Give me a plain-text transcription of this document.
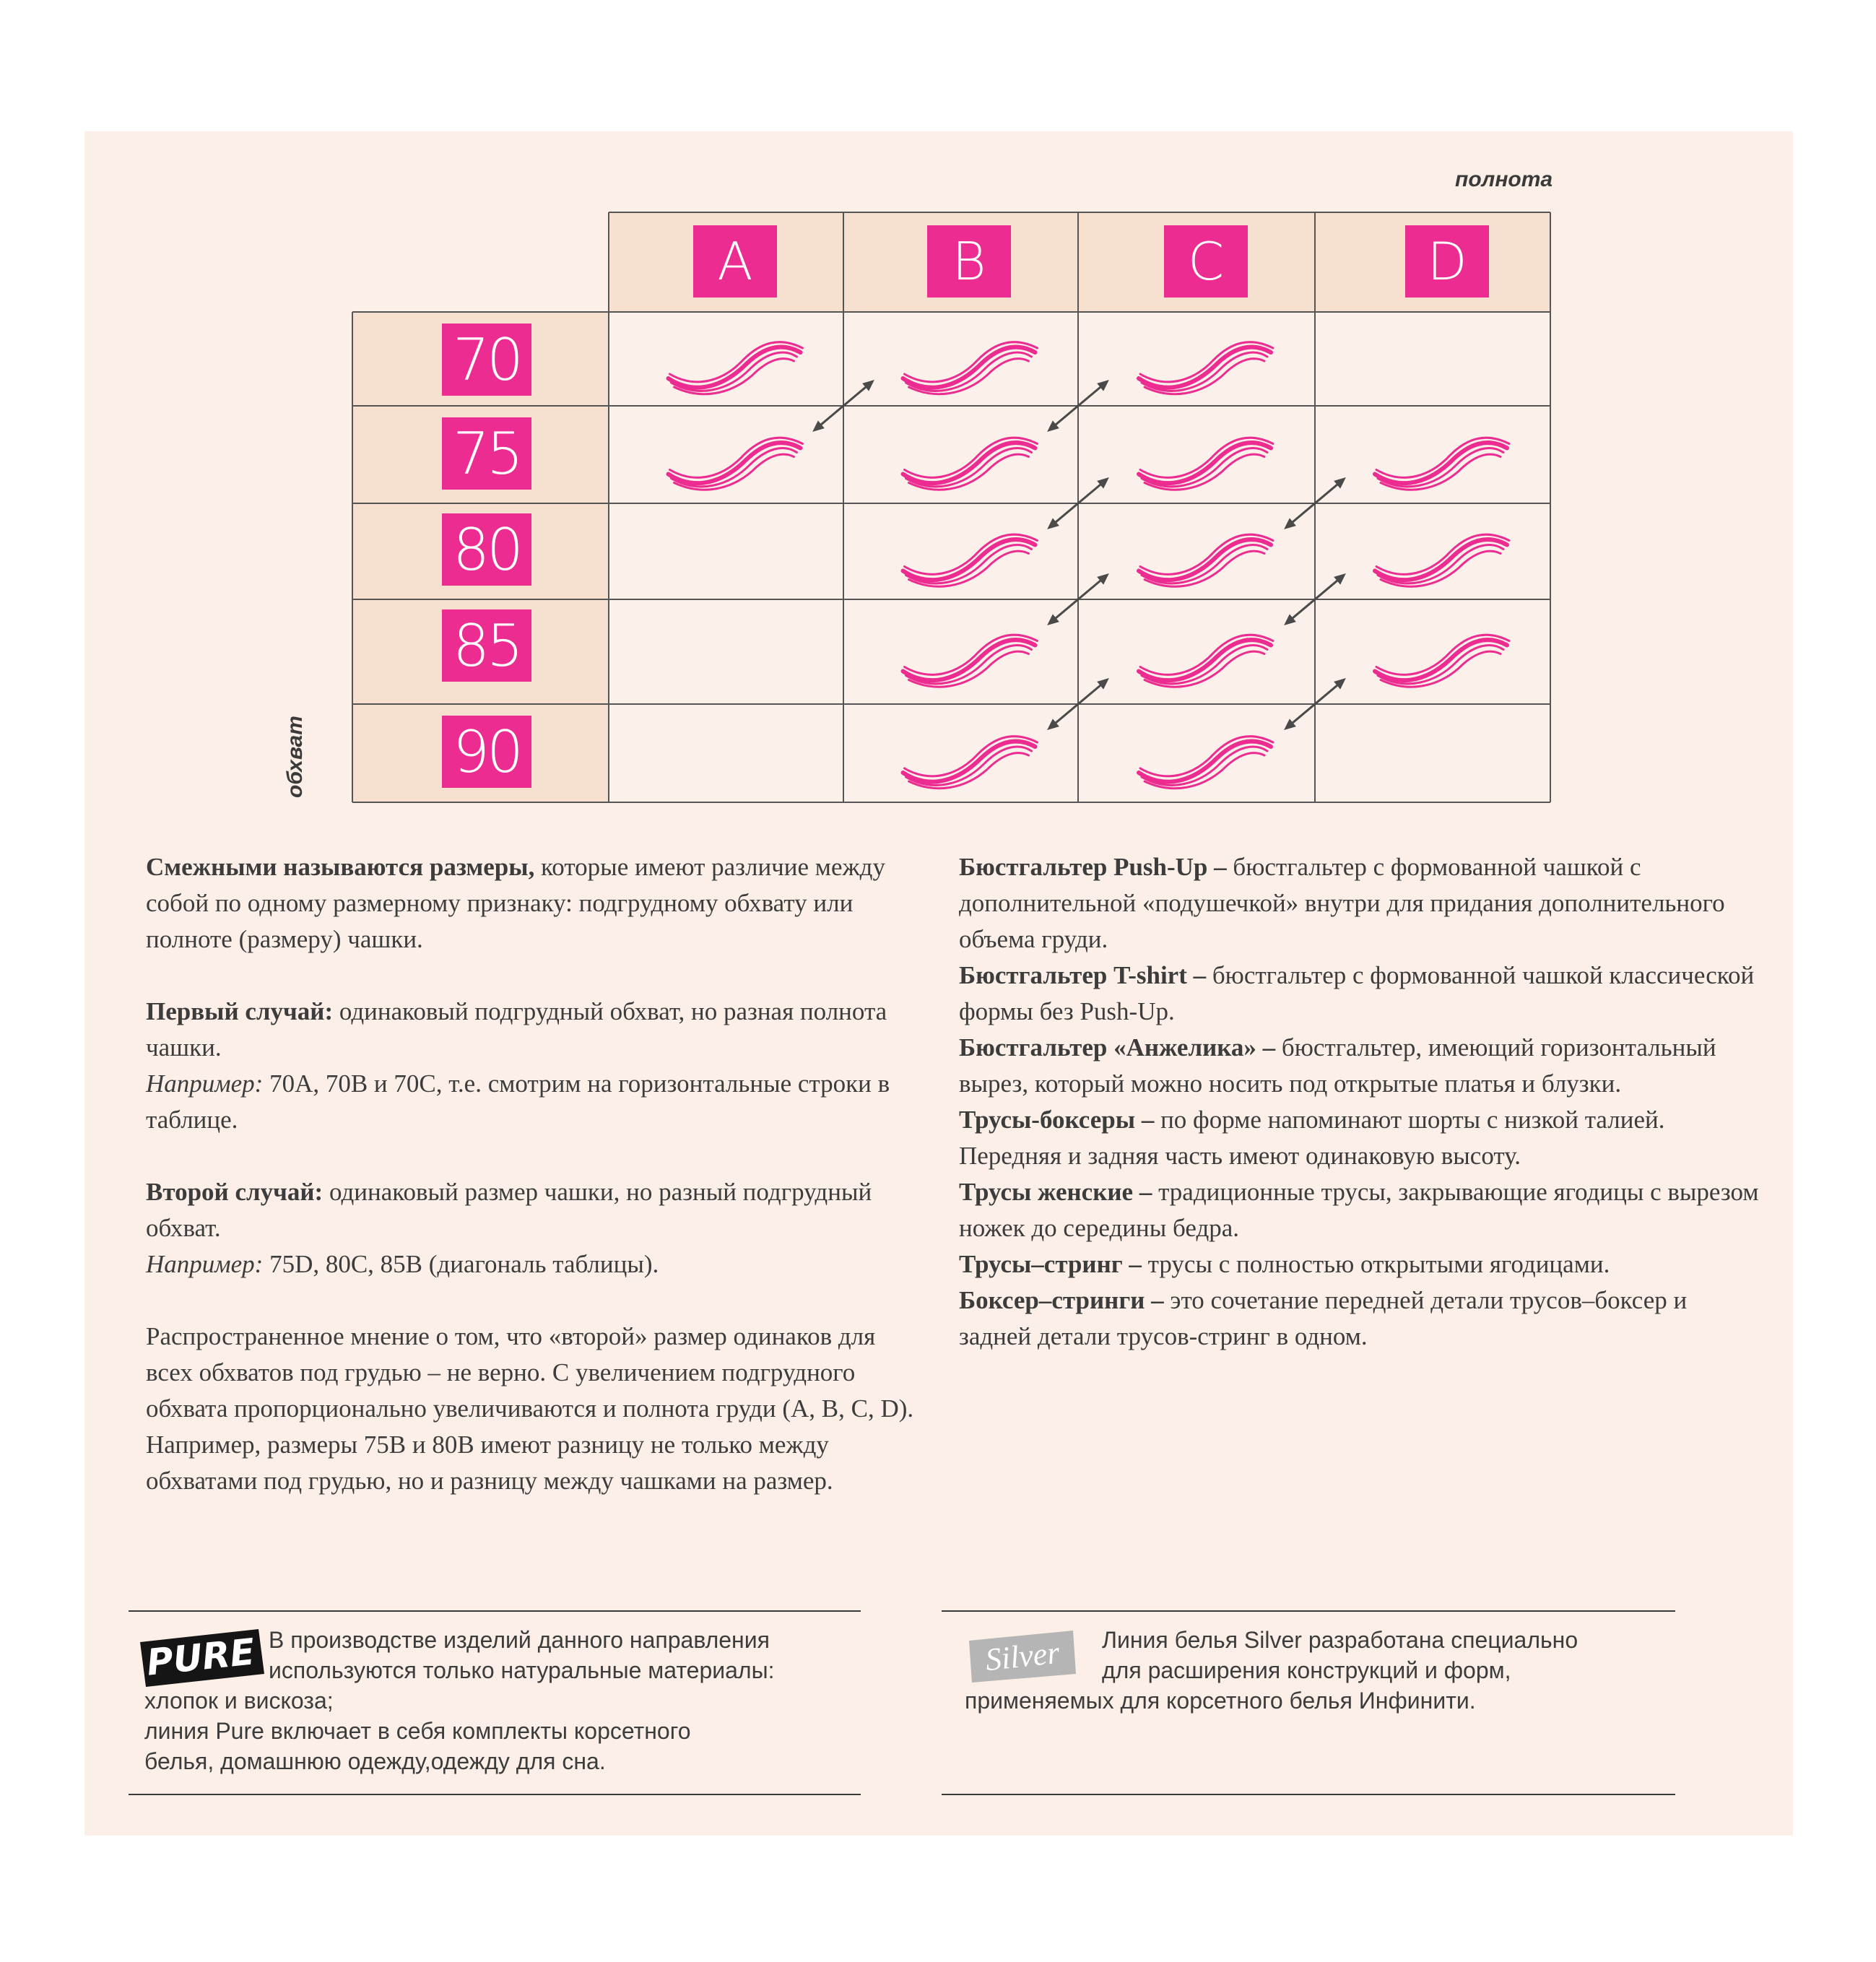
полнота
обхват
A	B	C	D
70
75
80
85
90

Смежными называются размеры, которые имеют различие между собой по одному размерному признаку: подгрудному обхвату или полноте (размеру) чашки.

Первый случай: одинаковый подгрудный обхват, но разная полнота чашки.
Например: 70А, 70В и 70С, т.е. смотрим на горизонтальные строки в таблице.

Второй случай: одинаковый размер чашки, но разный подгрудный обхват.
Например: 75D, 80С, 85В (диагональ таблицы).

Распространенное мнение о том, что «второй» размер одинаков для всех обхватов под грудью – не верно. С увеличением подгрудного обхвата пропорционально увеличиваются и полнота груди (А, В, С, D). Например, размеры 75В и 80В имеют разницу не только между обхватами под грудью, но и разницу между чашками на размер.

Бюстгальтер Push-Up – бюстгальтер с формованной чашкой с дополнительной «подушечкой» внутри для придания дополнительного объема груди.

Бюстгальтер T-shirt – бюстгальтер с формованной чашкой классической формы без Push-Up.

Бюстгальтер «Анжелика» – бюстгальтер, имеющий горизонтальный вырез, который можно носить под открытые платья и блузки.

Трусы-боксеры – по форме напоминают шорты с низкой талией. Передняя и задняя часть имеют одинаковую высоту.

Трусы женские – традиционные трусы, закрывающие ягодицы с вырезом ножек до середины бедра.

Трусы–стринг – трусы с полностью открытыми ягодицами.

Боксер–стринги – это сочетание передней детали трусов–боксер и задней детали трусов-стринг в одном.

PURE В производстве изделий данного направления
используются только натуральные материалы:
хлопок и вискоза;
линия Pure включает в себя комплекты корсетного
белья, домашнюю одежду,одежду для сна.
Silver Линия белья Silver разработана специально
для расширения конструкций и форм,
применяемых для корсетного белья Инфинити.
